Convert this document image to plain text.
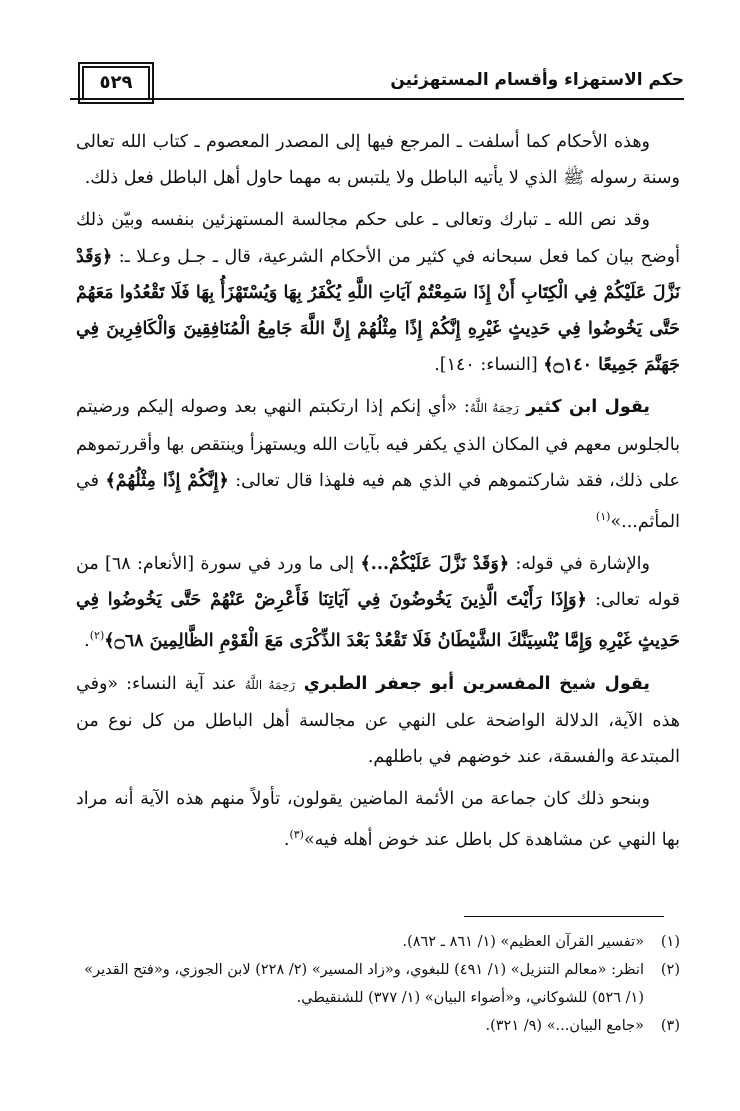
حكم الاستهزاء وأقسام المستهزئين
٥٢٩

وهذه الأحكام كما أسلفت ـ المرجع فيها إلى المصدر المعصوم ـ كتاب الله تعالى وسنة رسوله ﷺ الذي لا يأتيه الباطل ولا يلتبس به مهما حاول أهل الباطل فعل ذلك.

وقد نص الله ـ تبارك وتعالى ـ على حكم مجالسة المستهزئين بنفسه وبيّن ذلك أوضح بيان كما فعل سبحانه في كثير من الأحكام الشرعية، قال ـ جـل وعـلا ـ: ﴿وَقَدْ نَزَّلَ عَلَيْكُمْ فِي الْكِتَابِ أَنْ إِذَا سَمِعْتُمْ آيَاتِ اللَّهِ يُكْفَرُ بِهَا وَيُسْتَهْزَأُ بِهَا فَلَا تَقْعُدُوا مَعَهُمْ حَتَّى يَخُوضُوا فِي حَدِيثٍ غَيْرِهِ إِنَّكُمْ إِذًا مِثْلُهُمْ إِنَّ اللَّهَ جَامِعُ الْمُنَافِقِينَ وَالْكَافِرِينَ فِي جَهَنَّمَ جَمِيعًا ۝١٤٠﴾ [النساء: ١٤٠].

يقول ابن كثير رَحِمَهُ اللَّهُ: «أي إنكم إذا ارتكبتم النهي بعد وصوله إليكم ورضيتم بالجلوس معهم في المكان الذي يكفر فيه بآيات الله ويستهزأ وينتقص بها وأقررتموهم على ذلك، فقد شاركتموهم في الذي هم فيه فلهذا قال تعالى: ﴿إِنَّكُمْ إِذًا مِثْلُهُمْ﴾ في المأثم...»$^{(١)}$

والإشارة في قوله: ﴿وَقَدْ نَزَّلَ عَلَيْكُمْ...﴾ إلى ما ورد في سورة [الأنعام: ٦٨] من قوله تعالى: ﴿وَإِذَا رَأَيْتَ الَّذِينَ يَخُوضُونَ فِي آيَاتِنَا فَأَعْرِضْ عَنْهُمْ حَتَّى يَخُوضُوا فِي حَدِيثٍ غَيْرِهِ وَإِمَّا يُنْسِيَنَّكَ الشَّيْطَانُ فَلَا تَقْعُدْ بَعْدَ الذِّكْرَى مَعَ الْقَوْمِ الظَّالِمِينَ ۝٦٨﴾$^{(٢)}$.

يقول شيخ المفسرين أبو جعفر الطبري رَحِمَهُ اللَّهُ عند آية النساء: «وفي هذه الآية، الدلالة الواضحة على النهي عن مجالسة أهل الباطل من كل نوع من المبتدعة والفسقة، عند خوضهم في باطلهم.

وبنحو ذلك كان جماعة من الأئمة الماضين يقولون، تأولاً منهم هذه الآية أنه مراد بها النهي عن مشاهدة كل باطل عند خوض أهله فيه»$^{(٣)}$.

(١)
«تفسير القرآن العظيم» (١/ ٨٦١ ـ ٨٦٢).
(٢)
انظر: «معالم التنزيل» (١/ ٤٩١) للبغوي، و«زاد المسير» (٢/ ٢٢٨) لابن الجوزي، و«فتح القدير» (١/ ٥٢٦) للشوكاني، و«أضواء البيان» (١/ ٣٧٧) للشنقيطي.
(٣)
«جامع البيان...» (٩/ ٣٢١).
